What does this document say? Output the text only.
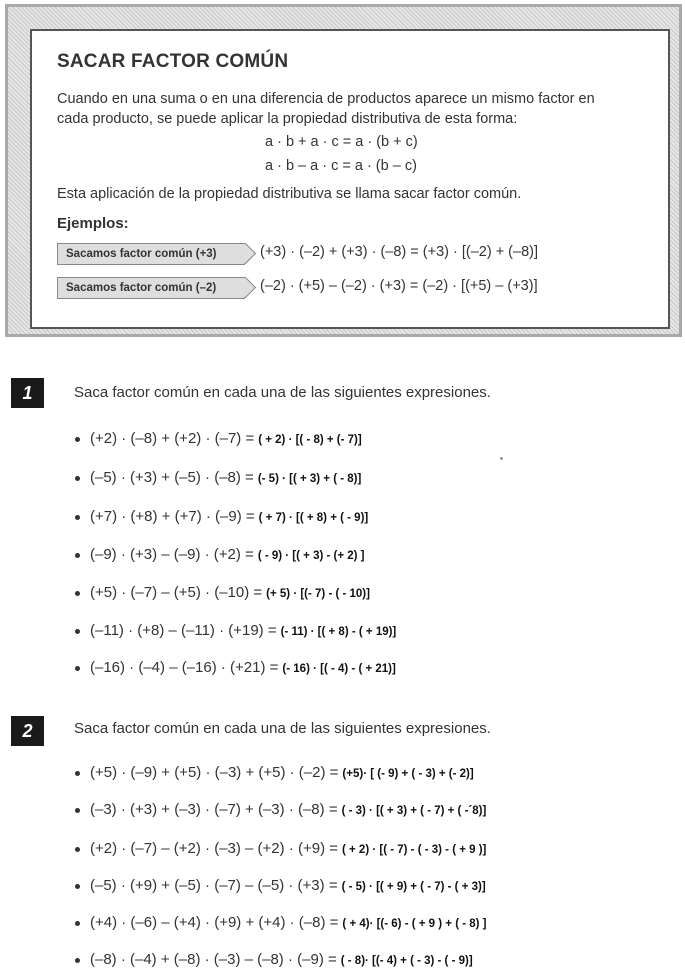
SACAR FACTOR COMÚN
Cuando en una suma o en una diferencia de productos aparece un mismo factor en
cada producto, se puede aplicar la propiedad distributiva de esta forma:
a · b + a · c = a · (b + c)
a · b – a · c = a · (b – c)
Esta aplicación de la propiedad distributiva se llama sacar factor común.
Ejemplos:
Sacamos factor común (+3)	(+3) · (–2) + (+3) · (–8) = (+3) · [(–2) + (–8)]
Sacamos factor común (–2)	(–2) · (+5) – (–2) · (+3) = (–2) · [(+5) – (+3)]
1	Saca factor común en cada una de las siguientes expresiones.
(+2) · (–8) + (+2) · (–7) = ( + 2) · [( - 8) + (- 7)]
(–5) · (+3) + (–5) · (–8) = (- 5) · [( + 3) + ( - 8)]
(+7) · (+8) + (+7) · (–9) = ( + 7) · [( + 8) + ( - 9)]
(–9) · (+3) – (–9) · (+2) = ( - 9) · [( + 3) - (+ 2) ]
(+5) · (–7) – (+5) · (–10) = (+ 5) · [(- 7) - ( - 10)]
(–11) · (+8) – (–11) · (+19) = (- 11) · [( + 8) - ( + 19)]
(–16) · (–4) – (–16) · (+21) = (- 16) · [( - 4) - ( + 21)]
2	Saca factor común en cada una de las siguientes expresiones.
(+5) · (–9) + (+5) · (–3) + (+5) · (–2) = (+5)· [ (- 9) + ( - 3) + (- 2)]
(–3) · (+3) + (–3) · (–7) + (–3) · (–8) = ( - 3) · [( + 3) + ( - 7) + ( -´8)]
(+2) · (–7) – (+2) · (–3) – (+2) · (+9) = ( + 2) · [( - 7) - ( - 3) - ( + 9 )]
(–5) · (+9) + (–5) · (–7) – (–5) · (+3) = ( - 5) · [( + 9) + ( - 7) - ( + 3)]
(+4) · (–6) – (+4) · (+9) + (+4) · (–8) = ( + 4)· [(- 6) - ( + 9 ) + ( - 8) ]
(–8) · (–4) + (–8) · (–3) – (–8) · (–9) = ( - 8)· [(- 4) + ( - 3) - ( - 9)]
